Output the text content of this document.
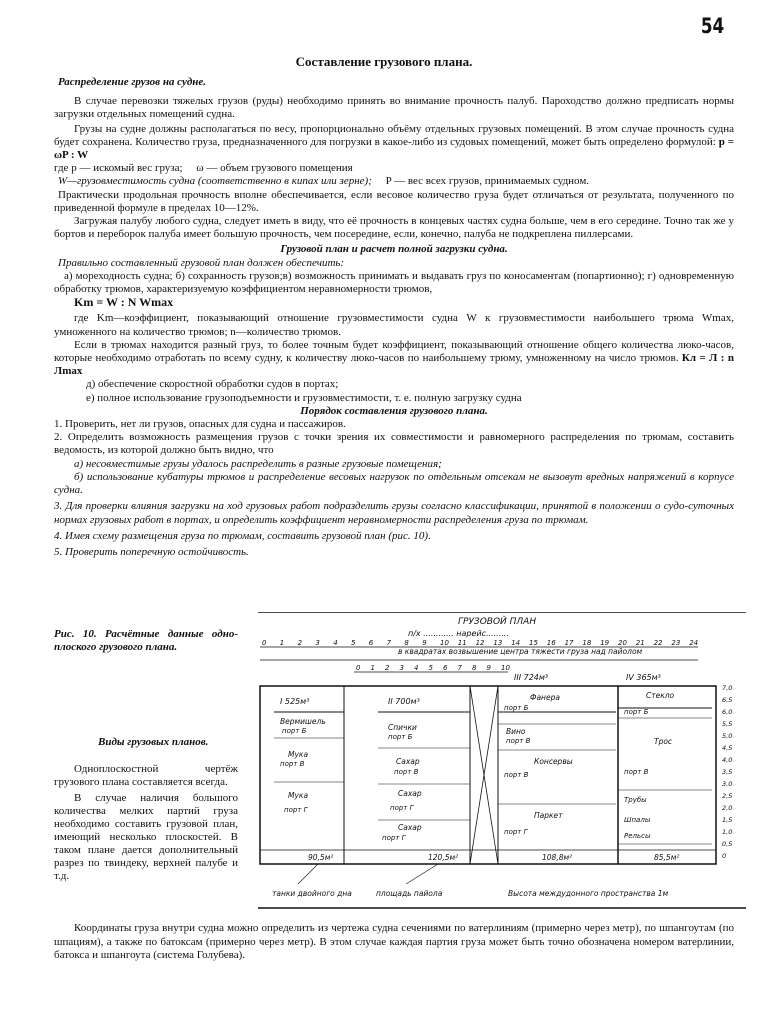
54
Составление грузового плана.

Распределение грузов на судне.

В случае перевозки тяжелых грузов (руды) необходимо принять во внимание прочность палуб. Пароходство должно предписать нормы загрузки отдельных помещений судна.

Грузы на судне должны располагаться по весу, пропорционально объёму отдельных грузовых помещений. В этом случае прочность судна будет сохранена. Количество груза, предназначенного для погрузки в какое-либо из судовых помещений, может быть определено формулой: p = ωP : W

где p — искомый вес груза; ω — объем грузового помещения

W—грузовместимость судна (соответственно в кипах или зерне); P — вес всех грузов, принимаемых судном.

Практически продольная прочность вполне обеспечивается, если весовое количество груза будет отличаться от результата, полученного по приведенной формуле в пределах 10—12%.

Загружая палубу любого судна, следует иметь в виду, что её прочность в концевых частях судна больше, чем в его середине. Точно так же у бортов и переборок палуба имеет большую прочность, чем посередине, если, конечно, палуба не подкреплена пиллерсами.

Грузовой план и расчет полной загрузки судна.

Правильно составленный грузовой план должен обеспечить:

а) мореходность судна; б) сохранность грузов;в) возможность принимать и выдавать груз по коносаментам (попартионно); г) одновременную обработку трюмов, характеризуемую коэффициентом неравномерности трюмов,

Km = W : N Wmax

где Km—коэффициент, показывающий отношение грузовместимости судна W к грузовместимости наибольшего трюма Wmax, умноженного на количество трюмов; n—количество трюмов.

Если в трюмах находится разный груз, то более точным будет коэффициент, показывающий отношение общего количества люко-часов, которые необходимо отработать по всему судну, к количеству люко-часов по наибольшему трюму, умноженному на число трюмов. Кл = Л : n Лmax

д) обеспечение скоростной обработки судов в портах;

е) полное использование грузоподъемности и грузовместимости, т. е. полную загрузку судна

Порядок составления грузового плана.

1. Проверить, нет ли грузов, опасных для судна и пассажиров.

2. Определить возможность размещения грузов с точки зрения их совместимости и равномерного распределения по трюмам, составить ведомость, из которой должно быть видно, что

а) несовместимые грузы удалось распределить в разные грузовые помещения;

б) использование кубатуры трюмов и распределение весовых нагрузок по отдельным отсекам не вызовут вредных напряжений в корпусе судна.

3. Для проверки влияния загрузки на ход грузовых работ подразделить грузы согласно классификации, принятой в положении о судо-суточных нормах грузовых работ в портах, и определить коэффициент неравномерности распределения груза по трюмам.

4. Имея схему размещения груза по трюмам, составить грузовой план (рис. 10).

5. Проверить поперечную остойчивость.

Рис. 10. Расчётные данные одно-плоского грузового плана.

Виды грузовых планов.

Одноплоскостной чертёж грузового плана составляется всегда.

В случае наличия большого количества мелких партий груза необходимо составить грузовой план, имеющий несколько плоскостей. В таком плане дается дополнительный разрез по твиндеку, верхней палубе и т.д.

ГРУЗОВОЙ ПЛАН
п/х ............ нарейс.........
в квадратах возвышение центра тяжести груза над пайолом
0 1 2 3 4 5 6 7 8 9 10 11 12 13 14 15 16 17 18 19 20 21 22 23 24
0 1 2 3 4 5 6 7 8 9 10
I 525м³	II 700м³
III 724м³	IV 365м³
Вермишель
порт Б
Мука
порт В
Мука
порт Г
Спички
порт Б
Сахар
порт В
Сахар
порт Г
Сахар
порт Г
Фанера
порт Б
Вино
порт В
Консервы
порт В
Паркет
порт Г
Стекло
порт Б
Трос
порт В
Трубы
Шпалы
Рельсы
90,5м²	120,5м²	108,8м²	85,5м²
танки двойного дна	площадь пайола	Высота междудонного пространства 1м
7,0
6,5
6,0
5,5
5,0
4,5
4,0
3,5
3,0
2,5
2,0
1,5
1,0
0,5
0

Координаты груза внутри судна можно определить из чертежа судна сечениями по ватерлиниям (примерно через метр), по шпангоутам (по шпациям), а также по батоксам (примерно через метр). В этом случае каждая партия груза может быть точно обозначена номером ватерлинии, батокса и шпангоута (система Голубева).
